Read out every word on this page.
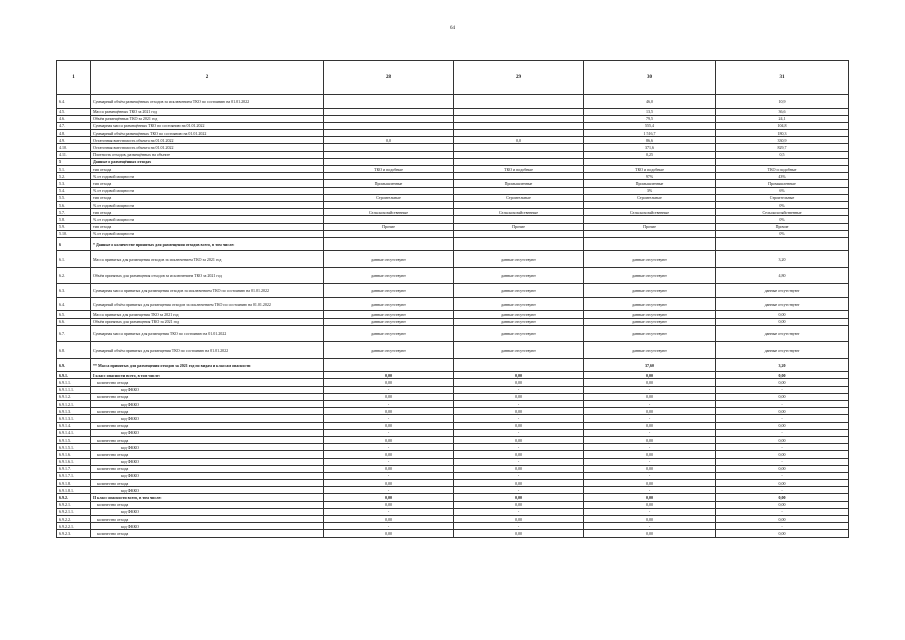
64
1	2	28	29	30	31
6.4.	Суммарный объём размещённых отходов за исключением ТКО по состоянию на 01.01.2022			46,0	10,9
4.5.	Масса размещённых ТКО за 2021 год			13,5	36,6
4.6.	Объём размещённых ТКО за 2021 год			79,5	24,1
4.7.	Суммарная масса размещённых ТКО по состоянию на 01.01.2022			555,4	104,8
4.8.	Суммарный объём размещённых ТКО по состоянию на 01.01.2022			1 516,7	180,3
4.9.	Остаточная вместимость объекта на 01.01.2022	0,0	0,0	86,6	330,9
4.10.	Остаточная вместимость объекта на 01.01.2022			371,6	829,7
4.11.	Плотность отходов, размещённых на объекте			0,25	0,5
5	Данные о размещённых отходах				
5.1.	тип отхода	ТКО и подобные	ТКО и подобные	ТКО и подобные	ТКО и подобные
5.2.	% от годовой мощности			97%	43%
5.3.	тип отхода	Промышленные	Промышленные	Промышленные	Промышленные
5.4.	% от годовой мощности			3%	6%
5.5.	тип отхода	Строительные	Строительные	Строительные	Строительные
5.6.	% от годовой мощности				0%
5.7.	тип отхода	Сельскохозяйственные	Сельскохозяйственные	Сельскохозяйственные	Сельскохозяйственные
5.8.	% от годовой мощности				0%
5.9.	тип отхода	Прочие	Прочие	Прочие	Прочие
5.10.	% от годовой мощности				0%
6	* Данные о количестве принятых для размещения отходов всего, в том числе:				
6.1.	Масса принятых для размещения отходов за исключением ТКО за 2021 год	данные отсутствуют	данные отсутствуют	данные отсутствуют	3,20
6.2.	Объём принятых для размещения отходов за исключением ТКО за 2021 год	данные отсутствуют	данные отсутствуют	данные отсутствуют	4,80
6.3.	Суммарная масса принятых для размещения отходов за исключением ТКО по состоянию на 01.01.2022	данные отсутствуют	данные отсутствуют	данные отсутствуют	данные отсутствуют
6.4.	Суммарный объём принятых для размещения отходов за исключением ТКО по состоянию на 01.01.2022	данные отсутствуют	данные отсутствуют	данные отсутствуют	данные отсутствуют
6.5.	Масса принятых для размещения ТКО за 2021 год	данные отсутствуют	данные отсутствуют	данные отсутствуют	0,00
6.6.	Объём принятых для размещения ТКО за 2021 год	данные отсутствуют	данные отсутствуют	данные отсутствуют	0,00
6.7.	Суммарная масса принятых для размещения ТКО по состоянию на 01.01.2022	данные отсутствуют	данные отсутствуют	данные отсутствуют	данные отсутствуют
6.8.	Суммарный объём принятых для размещения ТКО по состоянию на 01.01.2022	данные отсутствуют	данные отсутствуют	данные отсутствуют	данные отсутствуют
6.9.	** Масса принятых для размещения отходов за 2021 год по видам и классам опасности			37,60	3,20
6.9.1.	I класс опасности всего, в том числе:	0,00	0,00	0,00	0,00
6.9.1.1.	количество отхода	0,00	0,00	0,00	0,00
6.9.1.1.1.	код ФККО	-	-	-	-
6.9.1.2.	количество отхода	0,00	0,00	0,00	0,00
6.9.1.2.1.	код ФККО	-	-	-	-
6.9.1.3.	количество отхода	0,00	0,00	0,00	0,00
6.9.1.3.1.	код ФККО	-	-	-	-
6.9.1.4.	количество отхода	0,00	0,00	0,00	0,00
6.9.1.4.1.	код ФККО	-	-	-	-
6.9.1.5.	количество отхода	0,00	0,00	0,00	0,00
6.9.1.5.1.	код ФККО	-	-	-	-
6.9.1.6.	количество отхода	0,00	0,00	0,00	0,00
6.9.1.6.1.	код ФККО	-	-	-	-
6.9.1.7.	количество отхода	0,00	0,00	0,00	0,00
6.9.1.7.1.	код ФККО	-	-	-	-
6.9.1.8.	количество отхода	0,00	0,00	0,00	0,00
6.9.1.8.1.	код ФККО	-	-	-	-
6.9.2.	II класс опасности всего, в том числе:	0,00	0,00	0,00	0,00
6.9.2.1.	количество отхода	0,00	0,00	0,00	0,00
6.9.2.1.1.	код ФККО	-	-	-	-
6.9.2.2.	количество отхода	0,00	0,00	0,00	0,00
6.9.2.2.1.	код ФККО	-	-	-	-
6.9.2.3.	количество отхода	0,00	0,00	0,00	0,00
